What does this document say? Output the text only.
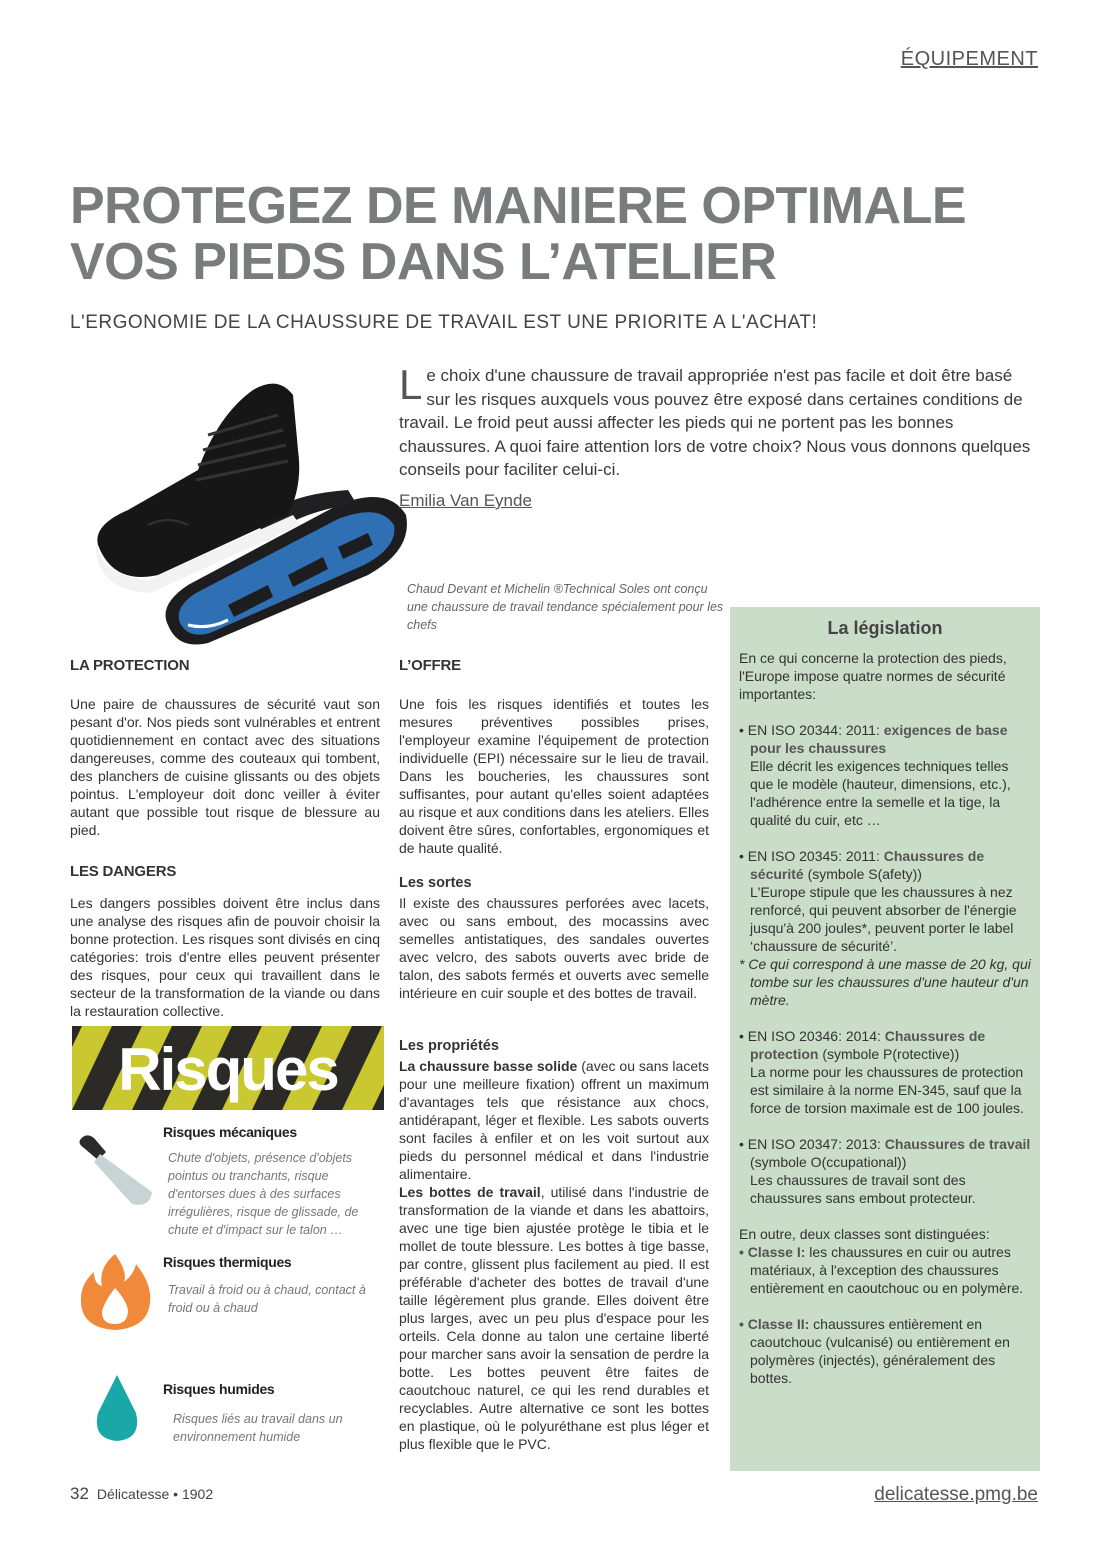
ÉQUIPEMENT
PROTEGEZ DE MANIERE OPTIMALE
VOS PIEDS DANS L’ATELIER
L'ERGONOMIE DE LA CHAUSSURE DE TRAVAIL EST UNE PRIORITE A L'ACHAT!
Le choix d'une chaussure de travail appropriée n'est pas facile et doit être basé sur les risques auxquels vous pouvez être exposé dans certaines conditions de travail. Le froid peut aussi affecter les pieds qui ne portent pas les bonnes chaussures. A quoi faire attention lors de votre choix? Nous vous donnons quelques conseils pour faciliter celui-ci.
Emilia Van Eynde
Chaud Devant et Michelin ®Technical Soles ont conçu une chaussure de travail tendance spécialement pour les chefs
LA PROTECTION
Une paire de chaussures de sécurité vaut son pesant d'or. Nos pieds sont vulnérables et entrent quotidiennement en contact avec des situations dangereuses, comme des couteaux qui tombent, des planchers de cuisine glissants ou des objets pointus. L'employeur doit donc veiller à éviter autant que possible tout risque de blessure au pied.
LES DANGERS
Les dangers possibles doivent être inclus dans une analyse des risques afin de pouvoir choisir la bonne protection. Les risques sont divisés en cinq catégories: trois d'entre elles peuvent présenter des risques, pour ceux qui travaillent dans le secteur de la transformation de la viande ou dans la restauration collective.
Risques
Risques mécaniques
Chute d'objets, présence d'objets pointus ou tranchants, risque d'entorses dues à des surfaces irrégulières, risque de glissade, de chute et d'impact sur le talon …
Risques thermiques
Travail à froid ou à chaud, contact à froid ou à chaud
Risques humides
Risques liés au travail dans un environnement humide
L’OFFRE
Une fois les risques identifiés et toutes les mesures préventives possibles prises, l'employeur examine l'équipement de protection individuelle (EPI) nécessaire sur le lieu de travail. Dans les boucheries, les chaussures sont suffisantes, pour autant qu'elles soient adaptées au risque et aux conditions dans les ateliers. Elles doivent être sûres, confortables, ergonomiques et de haute qualité.
Les sortes
Il existe des chaussures perforées avec lacets, avec ou sans embout, des mocassins avec semelles antistatiques, des sandales ouvertes avec velcro, des sabots ouverts avec bride de talon, des sabots fermés et ouverts avec semelle intérieure en cuir souple et des bottes de travail.
Les propriétés

La chaussure basse solide (avec ou sans lacets pour une meilleure fixation) offrent un maximum d'avantages tels que résistance aux chocs, antidérapant, léger et flexible. Les sabots ouverts sont faciles à enfiler et on les voit surtout aux pieds du personnel médical et dans l'industrie alimentaire.

Les bottes de travail, utilisé dans l'industrie de transformation de la viande et dans les abattoirs, avec une tige bien ajustée protège le tibia et le mollet de toute blessure. Les bottes à tige basse, par contre, glissent plus facilement au pied. Il est préférable d'acheter des bottes de travail d'une taille légèrement plus grande. Elles doivent être plus larges, avec un peu plus d'espace pour les orteils. Cela donne au talon une certaine liberté pour marcher sans avoir la sensation de perdre la botte. Les bottes peuvent être faites de caoutchouc naturel, ce qui les rend durables et recyclables. Autre alternative ce sont les bottes en plastique, où le polyuréthane est plus léger et plus flexible que le PVC.

La législation
En ce qui concerne la protection des pieds, l'Europe impose quatre normes de sécurité importantes:
• EN ISO 20344: 2011: exigences de base pour les chaussures
Elle décrit les exigences techniques telles que le modèle (hauteur, dimensions, etc.), l'adhérence entre la semelle et la tige, la qualité du cuir, etc …
• EN ISO 20345: 2011: Chaussures de sécurité (symbole S(afety))
L'Europe stipule que les chaussures à nez renforcé, qui peuvent absorber de l'énergie jusqu'à 200 joules*, peuvent porter le label ‘chaussure de sécurité’.
* Ce qui correspond à une masse de 20 kg, qui tombe sur les chaussures d'une hauteur d'un mètre.
• EN ISO 20346: 2014: Chaussures de protection (symbole P(rotective))
La norme pour les chaussures de protection est similaire à la norme EN-345, sauf que la force de torsion maximale est de 100 joules.
• EN ISO 20347: 2013: Chaussures de travail (symbole O(ccupational))
Les chaussures de travail sont des chaussures sans embout protecteur.
En outre, deux classes sont distinguées:
• Classe I: les chaussures en cuir ou autres matériaux, à l'exception des chaussures entièrement en caoutchouc ou en polymère.
• Classe II: chaussures entièrement en caoutchouc (vulcanisé) ou entièrement en polymères (injectés), généralement des bottes.
32 Délicatesse • 1902	delicatesse.pmg.be
